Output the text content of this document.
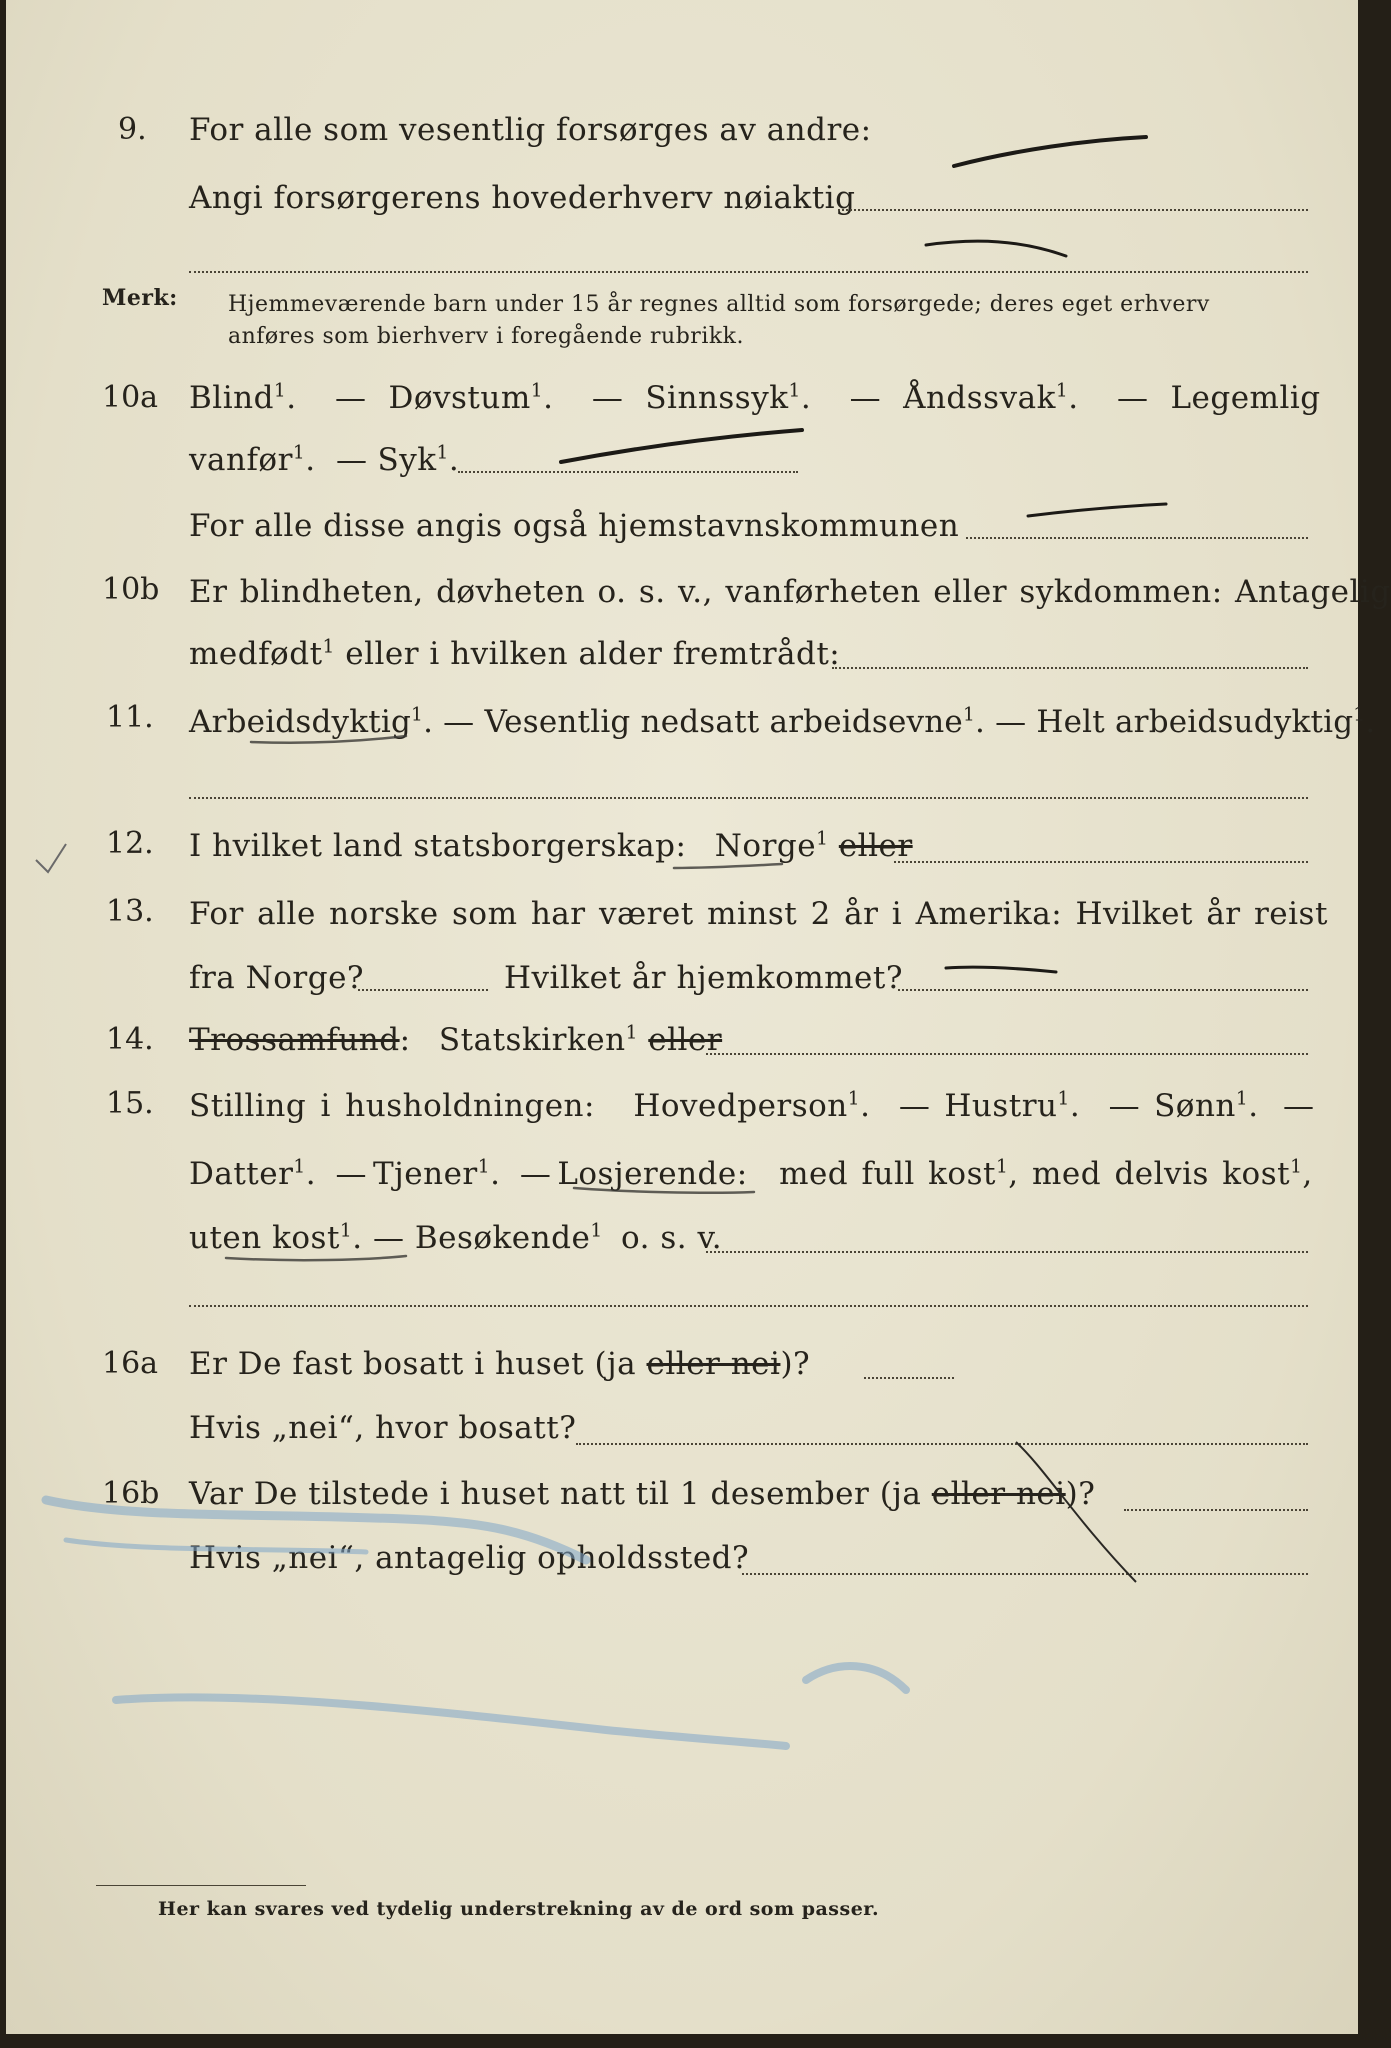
9. For alle som vesentlig forsørges av andre:
Angi forsørgerens hovederhverv nøiaktig
Merk: Hjemmeværende barn under 15 år regnes alltid som forsørgede; deres eget erhverv
anføres som bierhverv i foregående rubrikk.
10a Blind$^1$. — Døvstum$^1$. — Sinnssyk$^1$. — Åndssvak$^1$. — Legemlig
vanfør$^1$. — Syk$^1$.
For alle disse angis også hjemstavnskommunen
10b Er blindheten, døvheten o. s. v., vanførheten eller sykdommen: Antagelig
medfødt$^1$ eller i hvilken alder fremtrådt:
11. Arbeidsdyktig$^1$. — Vesentlig nedsatt arbeidsevne$^1$. — Helt arbeidsudyktig$^1$.
12. I hvilket land statsborgerskap: Norge$^1$ eller
13. For alle norske som har været minst 2 år i Amerika: Hvilket år reist
fra Norge?	Hvilket år hjemkommet?
14. Trossamfund: Statskirken$^1$ eller
15. Stilling i husholdningen: Hovedperson$^1$. — Hustru$^1$. — Sønn$^1$. —
Datter$^1$. — Tjener$^1$. — Losjerende: med full kost$^1$, med delvis kost$^1$,
uten kost$^1$. — Besøkende$^1$ o. s. v.
16a Er De fast bosatt i huset (ja eller nei)?
Hvis „nei“, hvor bosatt?
16b Var De tilstede i huset natt til 1 desember (ja eller nei)?
Hvis „nei“, antagelig opholdssted?
Her kan svares ved tydelig understrekning av de ord som passer.
